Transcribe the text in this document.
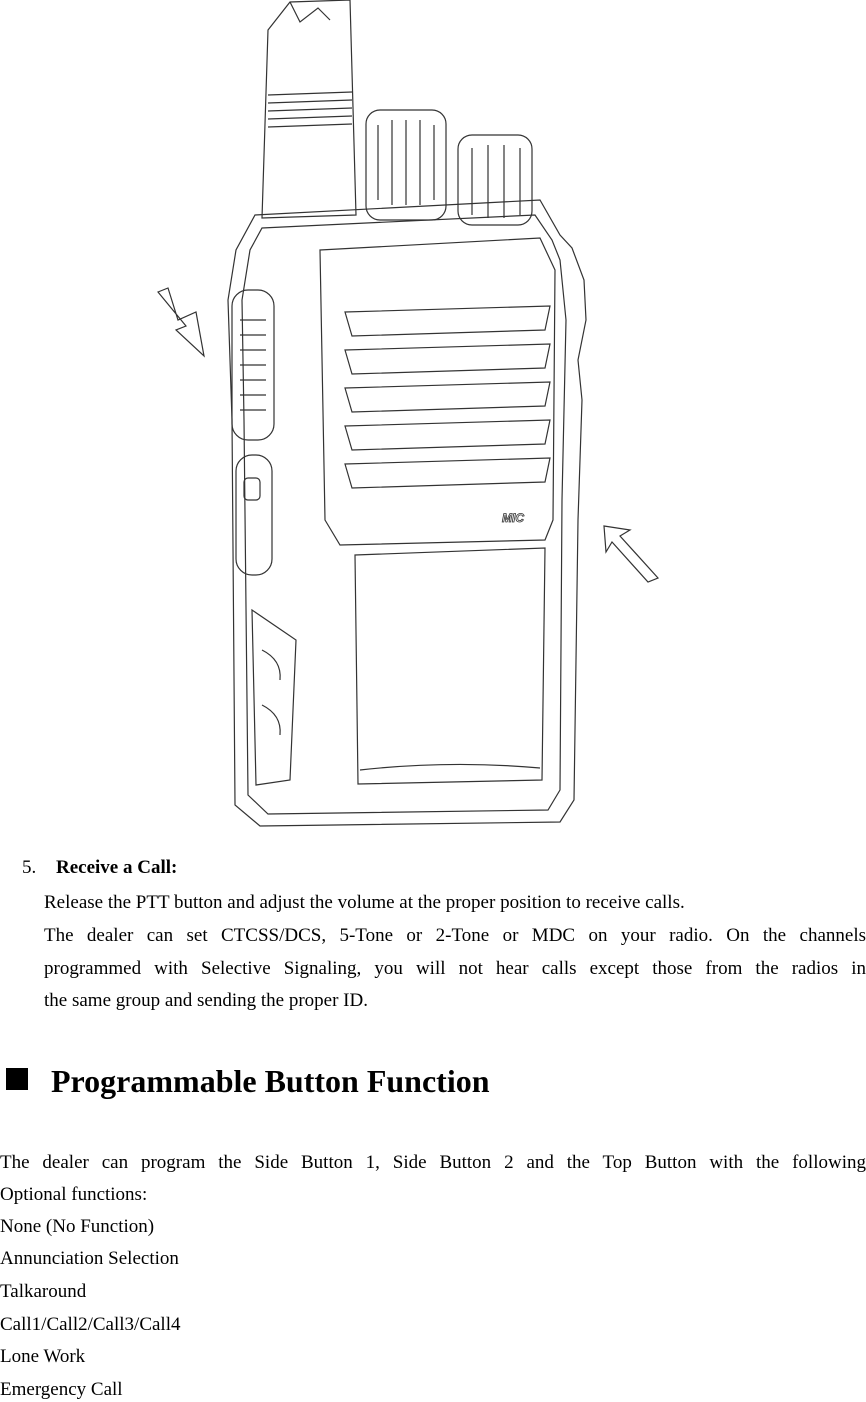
MIC
5. Receive a Call:
Release the PTT button and adjust the volume at the proper position to receive calls.
The dealer can set CTCSS/DCS, 5-Tone or 2-Tone or MDC on your radio. On the channels
programmed with Selective Signaling, you will not hear calls except those from the radios in
the same group and sending the proper ID.
Programmable Button Function
The dealer can program the Side Button 1, Side Button 2 and the Top Button with the following
Optional functions:
None (No Function)
Annunciation Selection
Talkaround
Call1/Call2/Call3/Call4
Lone Work
Emergency Call
